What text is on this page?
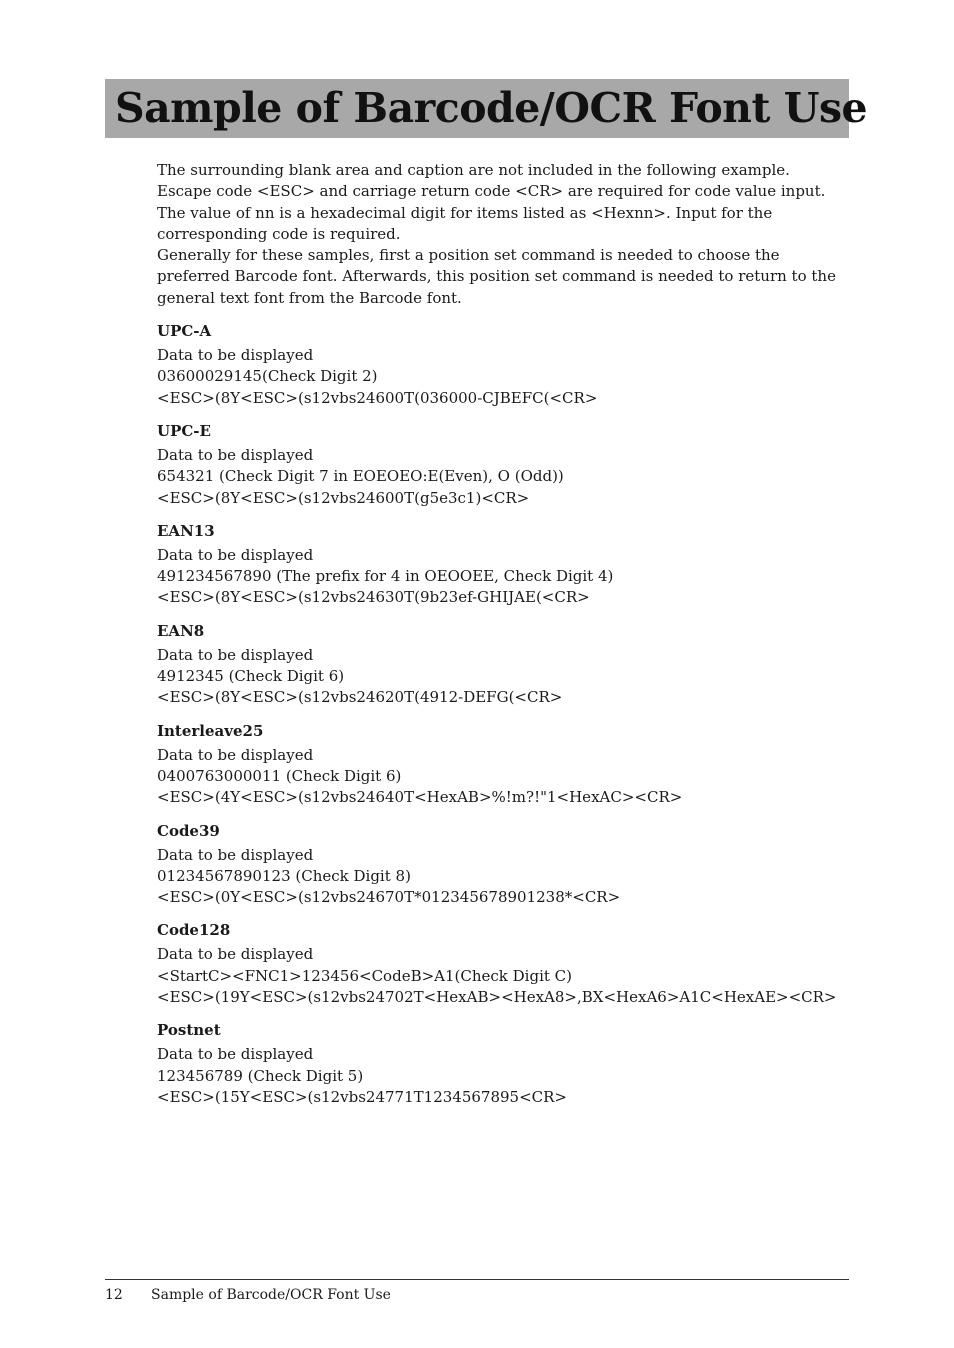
Sample of Barcode/OCR Font Use

The surrounding blank area and caption are not included in the following example.

Escape code <ESC> and carriage return code <CR> are required for code value input.

The value of nn is a hexadecimal digit for items listed as <Hexnn>. Input for the corresponding code is required.

Generally for these samples, first a position set command is needed to choose the preferred Barcode font. Afterwards, this position set command is needed to return to the general text font from the Barcode font.

UPC-A

Data to be displayed

03600029145(Check Digit 2)

<ESC>(8Y<ESC>(s12vbs24600T(036000-CJBEFC(<CR>

UPC-E

Data to be displayed

654321 (Check Digit 7 in EOEOEO:E(Even), O (Odd))

<ESC>(8Y<ESC>(s12vbs24600T(g5e3c1)<CR>

EAN13

Data to be displayed

491234567890 (The prefix for 4 in OEOOEE, Check Digit 4)

<ESC>(8Y<ESC>(s12vbs24630T(9b23ef-GHIJAE(<CR>

EAN8

Data to be displayed

4912345 (Check Digit 6)

<ESC>(8Y<ESC>(s12vbs24620T(4912-DEFG(<CR>

Interleave25

Data to be displayed

0400763000011 (Check Digit 6)

<ESC>(4Y<ESC>(s12vbs24640T<HexAB>%!m?!"1<HexAC><CR>

Code39

Data to be displayed

01234567890123 (Check Digit 8)

<ESC>(0Y<ESC>(s12vbs24670T*012345678901238*<CR>

Code128

Data to be displayed

<StartC><FNC1>123456<CodeB>A1(Check Digit C)

<ESC>(19Y<ESC>(s12vbs24702T<HexAB><HexA8>,BX<HexA6>A1C<HexAE><CR>

Postnet

Data to be displayed

123456789 (Check Digit 5)

<ESC>(15Y<ESC>(s12vbs24771T1234567895<CR>

12 Sample of Barcode/OCR Font Use
